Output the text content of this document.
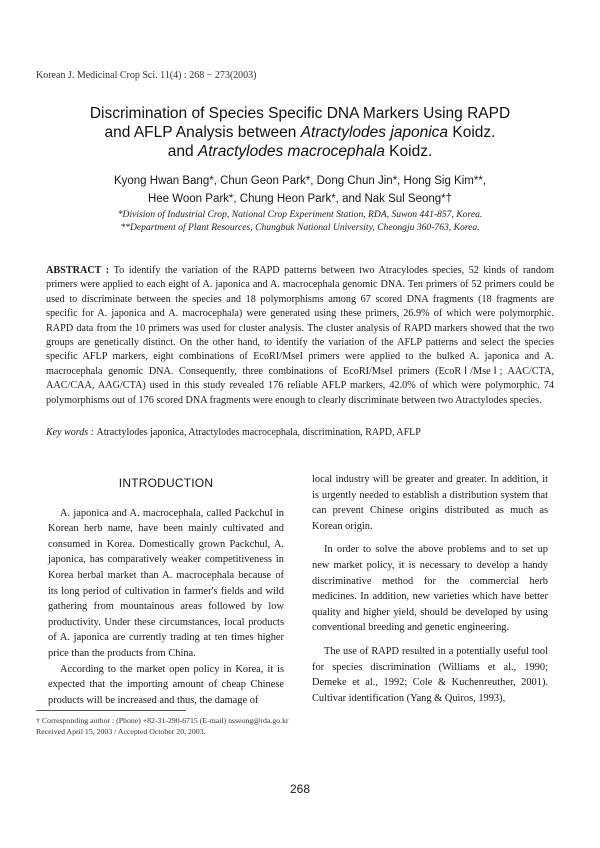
Korean J. Medicinal Crop Sci. 11(4) : 268 − 273(2003)
Discrimination of Species Specific DNA Markers Using RAPD
and AFLP Analysis between Atractylodes japonica Koidz.
and Atractylodes macrocephala Koidz.
Kyong Hwan Bang*, Chun Geon Park*, Dong Chun Jin*, Hong Sig Kim**,
Hee Woon Park*, Chung Heon Park*, and Nak Sul Seong*†
*Division of Industrial Crop, National Crop Experiment Station, RDA, Suwon 441-857, Korea.
**Department of Plant Resources, Chungbuk National University, Cheongju 360-763, Korea.
ABSTRACT : To identify the variation of the RAPD patterns between two Atracylodes species, 52 kinds of random primers were applied to each eight of A. japonica and A. macrocephala genomic DNA. Ten primers of 52 primers could be used to discriminate between the species and 18 polymorphisms among 67 scored DNA fragments (18 fragments are specific for A. japonica and A. macrocephala) were generated using these primers, 26.9% of which were polymorphic. RAPD data from the 10 primers was used for cluster analysis. The cluster analysis of RAPD markers showed that the two groups are genetically distinct. On the other hand, to identify the variation of the AFLP patterns and select the species specific AFLP markers, eight combinations of EcoRI/MseI primers were applied to the bulked A. japonica and A. macrocephala genomic DNA. Consequently, three combinations of EcoRI/MseI primers (EcoRⅠ/MseⅠ; AAC/CTA, AAC/CAA, AAG/CTA) used in this study revealed 176 reliable AFLP markers, 42.0% of which were polymorphic. 74 polymorphisms out of 176 scored DNA fragments were enough to clearly discriminate between two Atractylodes species.
Key words : Atractylodes japonica, Atractylodes macrocephala, discrimination, RAPD, AFLP
INTRODUCTION

A. japonica and A. macrocephala, called Packchul in Korean herb name, have been mainly cultivated and consumed in Korea. Domestically grown Packchul, A. japonica, has comparatively weaker competitiveness in Korea herbal market than A. macrocephala because of its long period of cultivation in farmer's fields and wild gathering from mountainous areas followed by low productivity. Under these circumstances, local products of A. japonica are currently trading at ten times higher price than the products from China.

According to the market open policy in Korea, it is expected that the importing amount of cheap Chinese products will be increased and thus, the damage of

local industry will be greater and greater. In addition, it is urgently needed to establish a distribution system that can prevent Chinese origins distributed as much as Korean origin.

In order to solve the above problems and to set up new market policy, it is necessary to develop a handy discriminative method for the commercial herb medicines. In addition, new varieties which have better quality and higher yield, should be developed by using conventional breeding and genetic engineering.

The use of RAPD resulted in a potentially useful tool for species discrimination (Williams et al., 1990; Demeke et al., 1992; Cole & Kuchenreuther, 2001). Cultivar identification (Yang & Quiros, 1993),

† Corresponding author : (Phone) +82-31-290-6715 (E-mail) nsseong@rda.go.kr
Received April 15, 2003 / Accepted October 20, 2003.
268
